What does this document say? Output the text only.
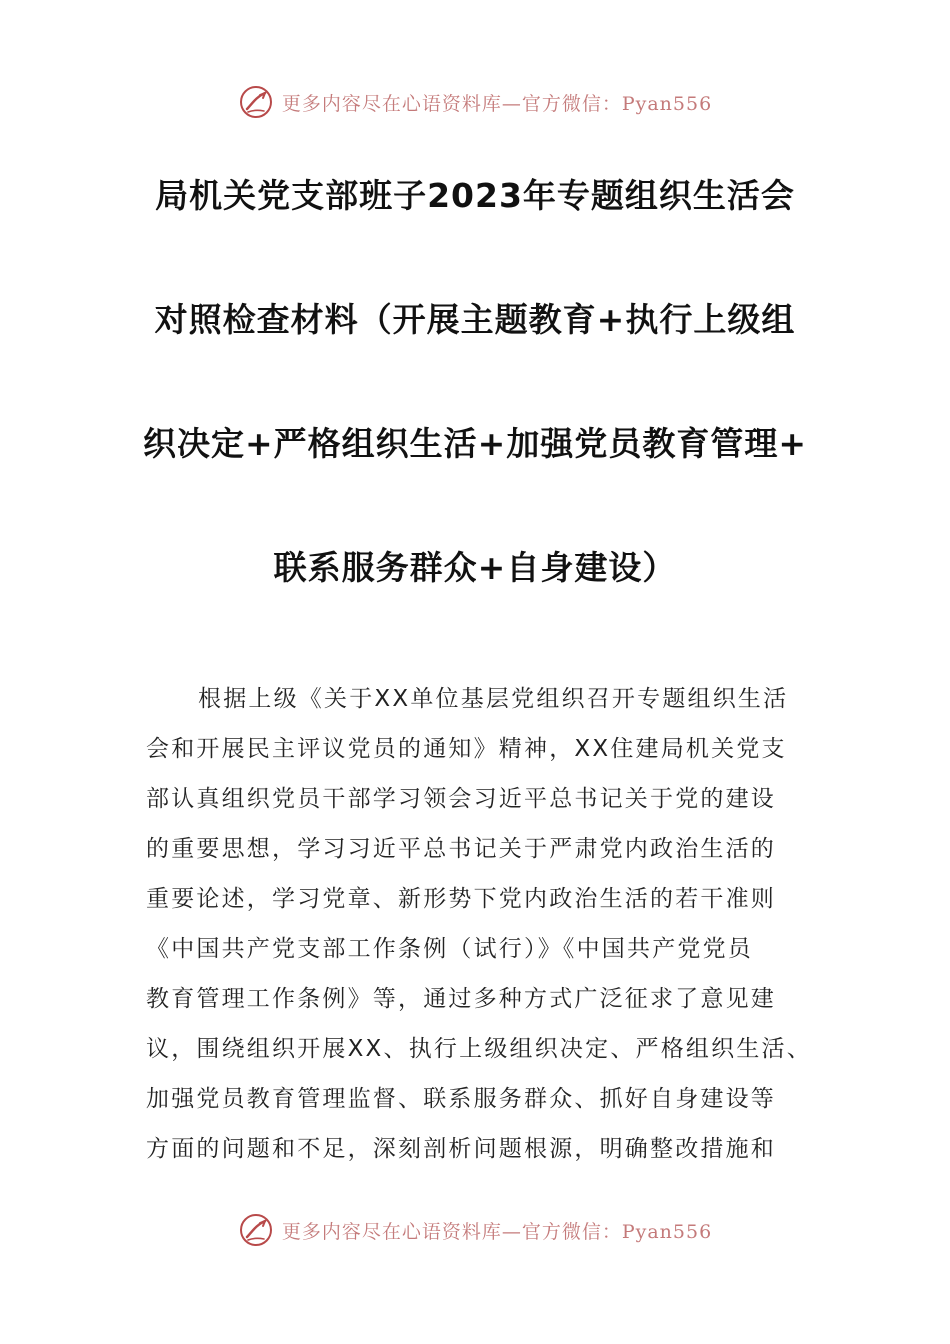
更多内容尽在心语资料库—官方微信：Pyan556
局机关党支部班子2023年专题组织生活会
对照检查材料（开展主题教育+执行上级组
织决定+严格组织生活+加强党员教育管理+
联系服务群众+自身建设）
根据上级《关于XX单位基层党组织召开专题组织生活
会和开展民主评议党员的通知》精神，XX住建局机关党支
部认真组织党员干部学习领会习近平总书记关于党的建设
的重要思想，学习习近平总书记关于严肃党内政治生活的
重要论述，学习党章、新形势下党内政治生活的若干准则
《中国共产党支部工作条例（试行）》《中国共产党党员
教育管理工作条例》等，通过多种方式广泛征求了意见建
议，围绕组织开展XX、执行上级组织决定、严格组织生活、
加强党员教育管理监督、联系服务群众、抓好自身建设等
方面的问题和不足，深刻剖析问题根源，明确整改措施和
更多内容尽在心语资料库—官方微信：Pyan556
